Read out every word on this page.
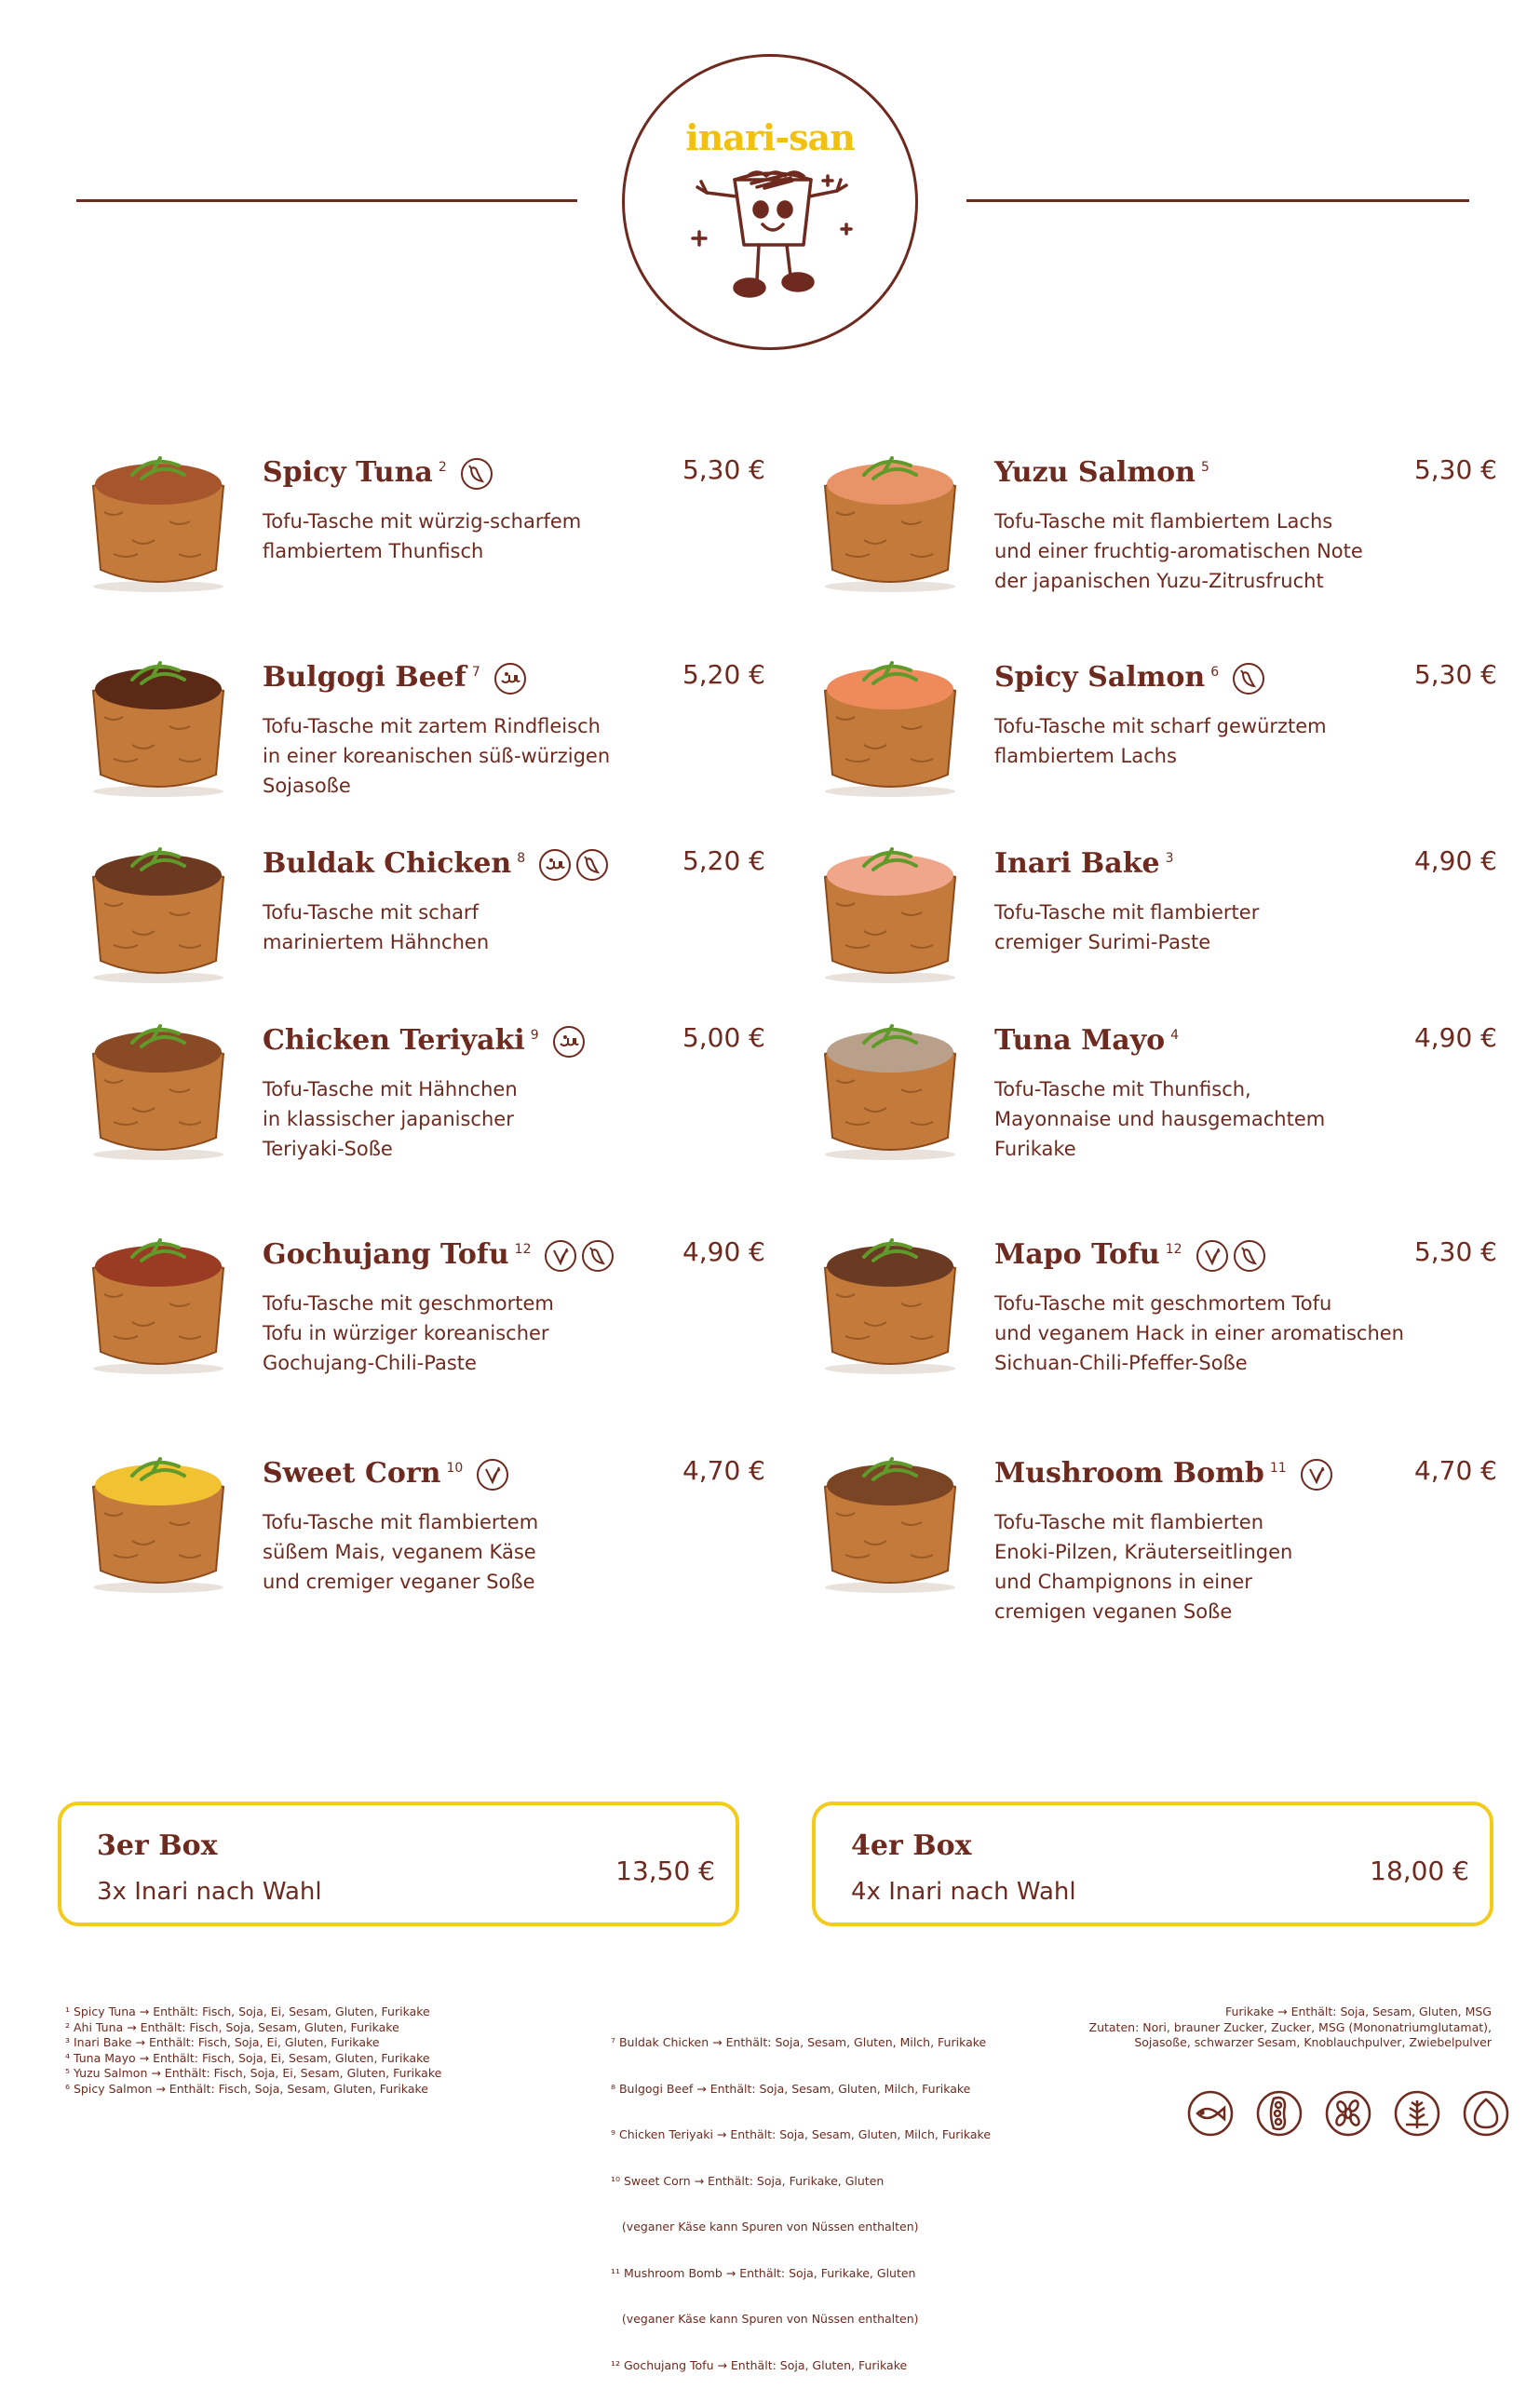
inari-san
Spicy Tuna $^2$
Tofu-Tasche mit würzig-scharfem
flambiertem Thunfisch
5,30 €	Yuzu Salmon $^5$
Tofu-Tasche mit flambiertem Lachs
und einer fruchtig-aromatischen Note
der japanischen Yuzu-Zitrusfrucht
5,30 €
Bulgogi Beef $^7$
Tofu-Tasche mit zartem Rindfleisch
in einer koreanischen süß-würzigen
Sojasoße
5,20 €	Spicy Salmon $^6$
Tofu-Tasche mit scharf gewürztem
flambiertem Lachs
5,30 €
Buldak Chicken $^8$
Tofu-Tasche mit scharf
mariniertem Hähnchen
5,20 €	Inari Bake $^3$
Tofu-Tasche mit flambierter
cremiger Surimi-Paste
4,90 €
Chicken Teriyaki $^9$
Tofu-Tasche mit Hähnchen
in klassischer japanischer
Teriyaki-Soße
5,00 €	Tuna Mayo $^4$
Tofu-Tasche mit Thunfisch,
Mayonnaise und hausgemachtem
Furikake
4,90 €
Gochujang Tofu $^{12}$
Tofu-Tasche mit geschmortem
Tofu in würziger koreanischer
Gochujang-Chili-Paste
4,90 €	Mapo Tofu $^{12}$
Tofu-Tasche mit geschmortem Tofu
und veganem Hack in einer aromatischen
Sichuan-Chili-Pfeffer-Soße
5,30 €
Sweet Corn $^{10}$
Tofu-Tasche mit flambiertem
süßem Mais, veganem Käse
und cremiger veganer Soße
4,70 €	Mushroom Bomb $^{11}$
Tofu-Tasche mit flambierten
Enoki-Pilzen, Kräuterseitlingen
und Champignons in einer
cremigen veganen Soße
4,70 €
3er Box
3x Inari nach Wahl
13,50 €
4er Box
4x Inari nach Wahl
18,00 €
¹ Spicy Tuna → Enthält: Fisch, Soja, Ei, Sesam, Gluten, Furikake
² Ahi Tuna → Enthält: Fisch, Soja, Sesam, Gluten, Furikake
³ Inari Bake → Enthält: Fisch, Soja, Ei, Gluten, Furikake
⁴ Tuna Mayo → Enthält: Fisch, Soja, Ei, Sesam, Gluten, Furikake
⁵ Yuzu Salmon → Enthält: Fisch, Soja, Ei, Sesam, Gluten, Furikake
⁶ Spicy Salmon → Enthält: Fisch, Soja, Sesam, Gluten, Furikake

⁷ Buldak Chicken → Enthält: Soja, Sesam, Gluten, Milch, Furikake

⁸ Bulgogi Beef → Enthält: Soja, Sesam, Gluten, Milch, Furikake

⁹ Chicken Teriyaki → Enthält: Soja, Sesam, Gluten, Milch, Furikake

¹⁰ Sweet Corn → Enthält: Soja, Furikake, Gluten

(veganer Käse kann Spuren von Nüssen enthalten)

¹¹ Mushroom Bomb → Enthält: Soja, Furikake, Gluten

(veganer Käse kann Spuren von Nüssen enthalten)

¹² Gochujang Tofu → Enthält: Soja, Gluten, Furikake

Furikake → Enthält: Soja, Sesam, Gluten, MSG
Zutaten: Nori, brauner Zucker, Zucker, MSG (Mononatriumglutamat),
Sojasoße, schwarzer Sesam, Knoblauchpulver, Zwiebelpulver
